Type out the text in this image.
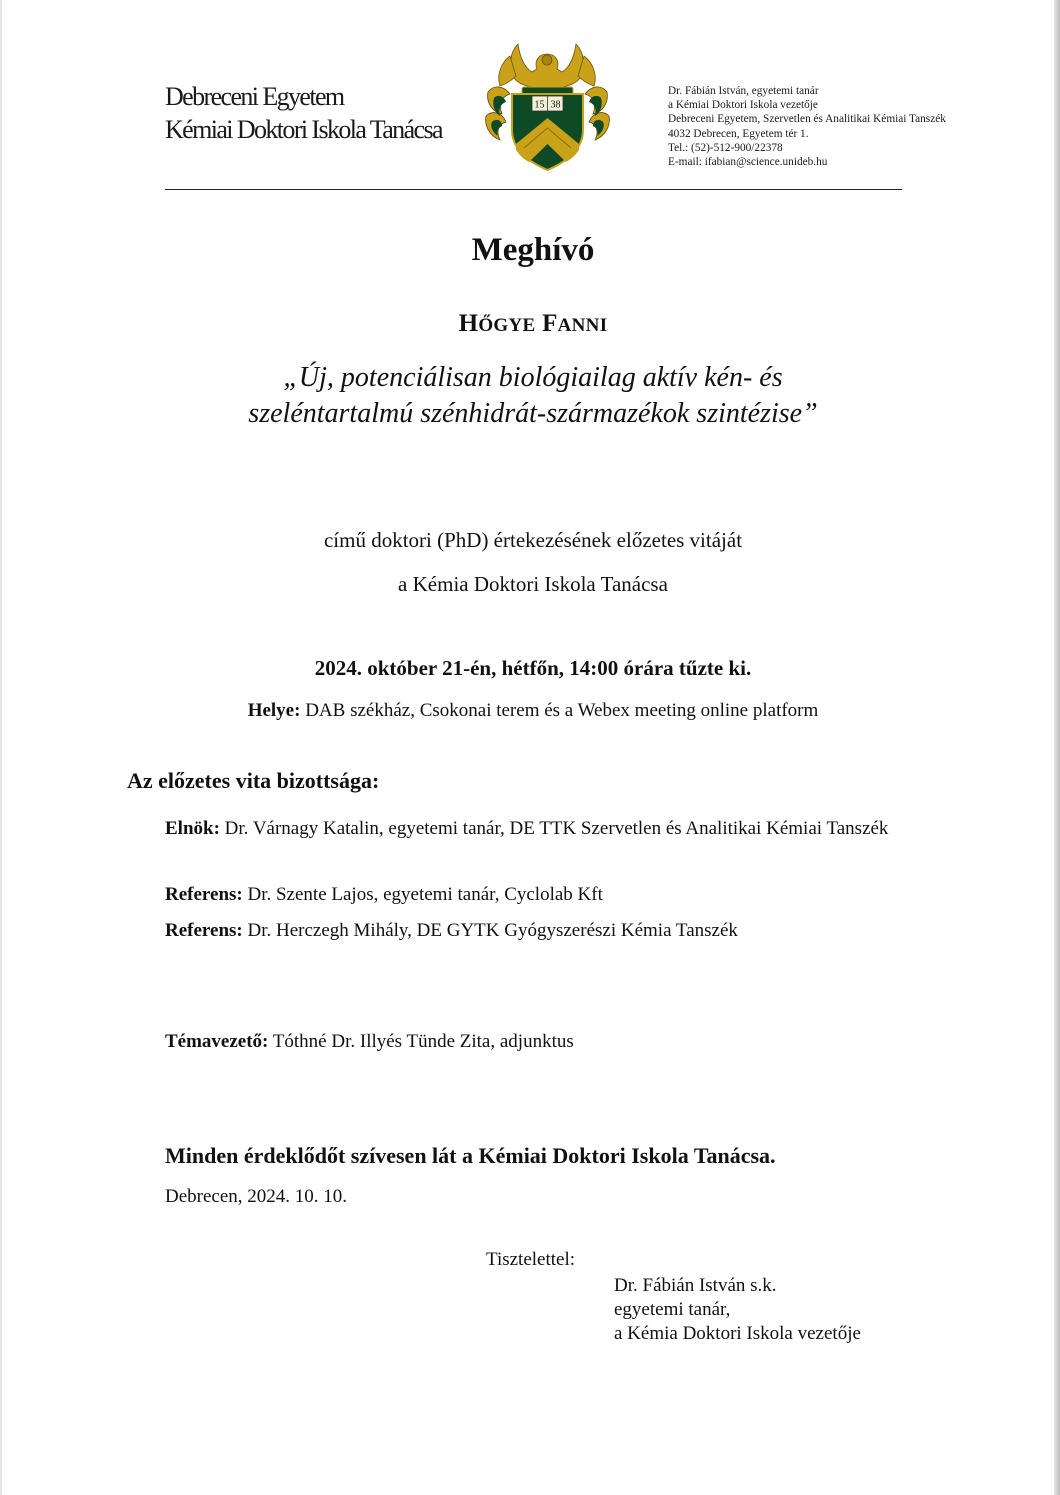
Debreceni Egyetem
Kémiai Doktori Iskola Tanácsa
15 38
Dr. Fábián István, egyetemi tanár
a Kémiai Doktori Iskola vezetője
Debreceni Egyetem, Szervetlen és Analitikai Kémiai Tanszék
4032 Debrecen, Egyetem tér 1.
Tel.: (52)-512-900/22378
E-mail: ifabian@science.unideb.hu
Meghívó
HŐGYE FANNI
„Új, potenciálisan biológiailag aktív kén- és
szeléntartalmú szénhidrát-származékok szintézise”
című doktori (PhD) értekezésének előzetes vitáját
a Kémia Doktori Iskola Tanácsa
2024. október 21-én, hétfőn, 14:00 órára tűzte ki.
Helye: DAB székház, Csokonai terem és a Webex meeting online platform
Az előzetes vita bizottsága:
Elnök: Dr. Várnagy Katalin, egyetemi tanár, DE TTK Szervetlen és Analitikai Kémiai Tanszék
Referens: Dr. Szente Lajos, egyetemi tanár, Cyclolab Kft
Referens: Dr. Herczegh Mihály, DE GYTK Gyógyszerészi Kémia Tanszék
Témavezető: Tóthné Dr. Illyés Tünde Zita, adjunktus
Minden érdeklődőt szívesen lát a Kémiai Doktori Iskola Tanácsa.
Debrecen, 2024. 10. 10.
Tisztelettel:
Dr. Fábián István s.k.
egyetemi tanár,
a Kémia Doktori Iskola vezetője
